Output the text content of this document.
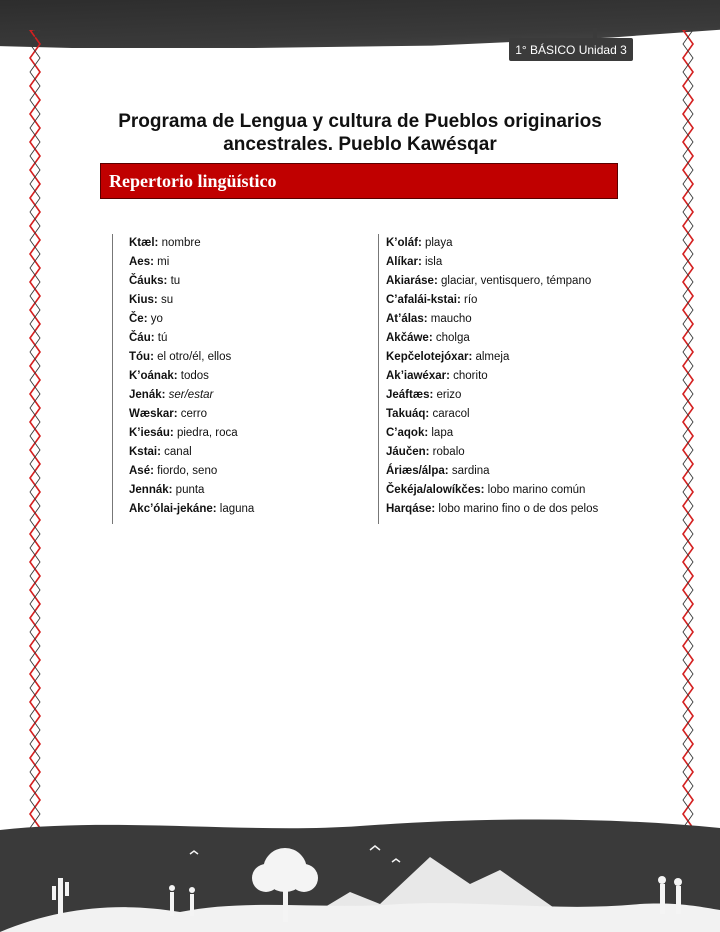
1° BÁSICO Unidad 3
Programa de Lengua y cultura de Pueblos originarios
ancestrales. Pueblo Kawésqar
Repertorio lingüístico
Ktæl: nombre
Aes: mi
Čáuks: tu
Kius: su
Če: yo
Čáu: tú
Tóu: el otro/él, ellos
K’oának: todos
Jenák: ser/estar
Wæskar: cerro
K’iesáu: piedra, roca
Kstai: canal
Asé: fiordo, seno
Jennák: punta
Akc’ólai-jekáne: laguna
K’oláf: playa
Alíkar: isla
Akiaráse: glaciar, ventisquero, témpano
C’afalái-kstai: río
At’álas: maucho
Akčáwe: cholga
Kepčelotejóxar: almeja
Ak’iawéxar: chorito
Jeáftæs: erizo
Takuáq: caracol
C’aqok: lapa
Jáučen: robalo
Áriæs/álpa: sardina
Čekéja/alowíkčes: lobo marino común
Harqáse: lobo marino fino o de dos pelos
